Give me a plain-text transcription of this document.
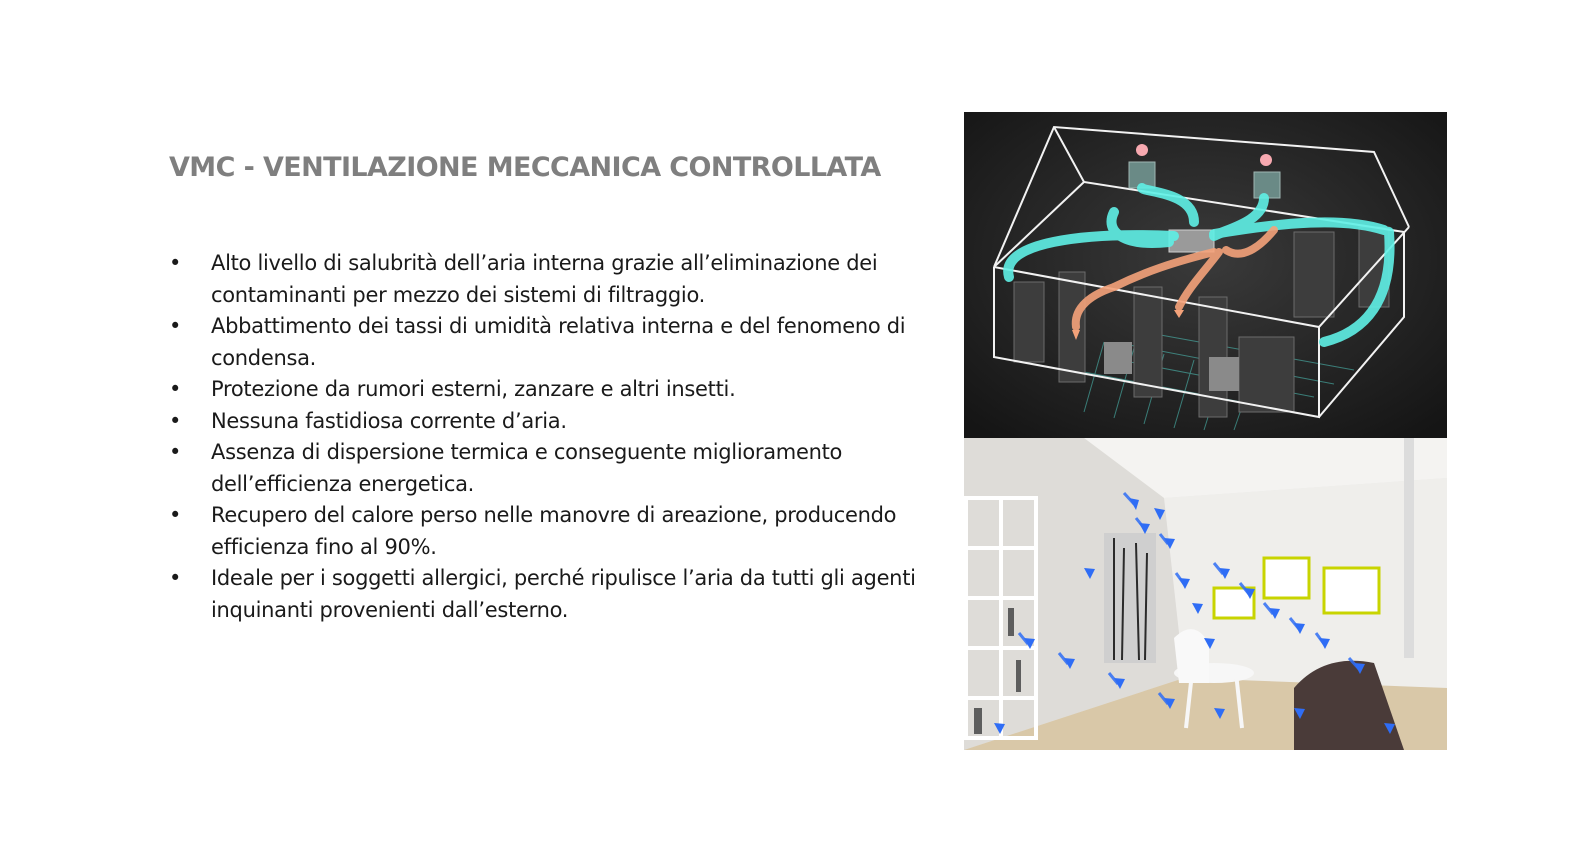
VMC - VENTILAZIONE MECCANICA CONTROLLATA
• Alto livello di salubrità dell’aria interna grazie all’eliminazione dei contaminanti per mezzo dei sistemi di filtraggio.
• Abbattimento dei tassi di umidità relativa interna e del fenomeno di condensa.
• Protezione da rumori esterni, zanzare e altri insetti.
• Nessuna fastidiosa corrente d’aria.
• Assenza di dispersione termica e conseguente miglioramento dell’efficienza energetica.
• Recupero del calore perso nelle manovre di areazione, producendo efficienza fino al 90%.
• Ideale per i soggetti allergici, perché ripulisce l’aria da tutti gli agenti inquinanti provenienti dall’esterno.
